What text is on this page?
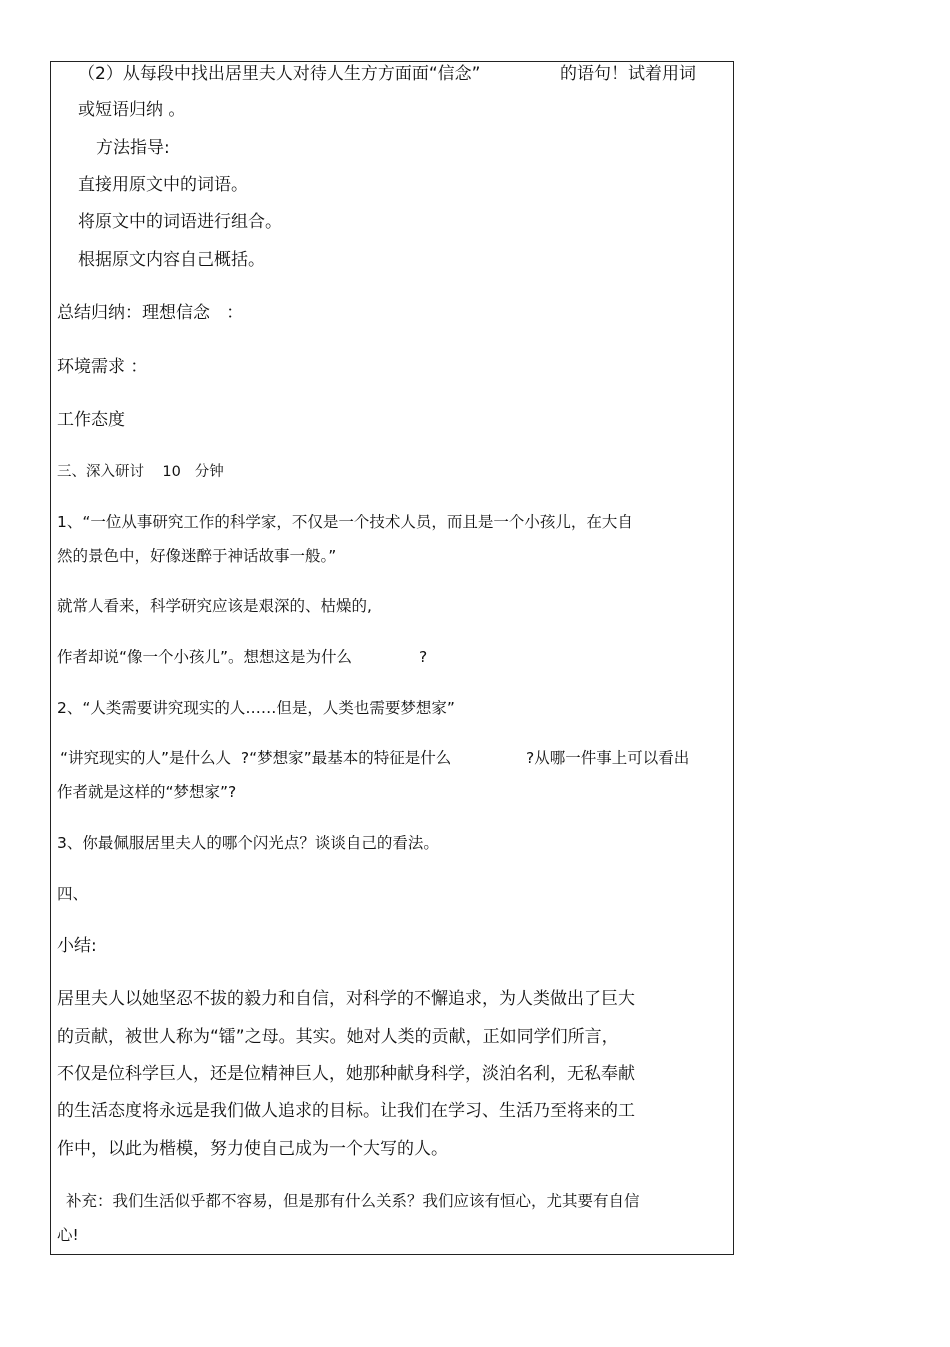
（2）从每段中找出居里夫人对待人生方方面面“信念”	的语句！试着用词
或短语归纳 。
方法指导:
直接用原文中的词语。
将原文中的词语进行组合。
根据原文内容自己概括。
总结归纳：理想信念   ：
环境需求 ：
工作态度
三、深入研讨    10   分钟
1、“一位从事研究工作的科学家，不仅是一个技术人员，而且是一个小孩儿，在大自
然的景色中，好像迷醉于神话故事一般。”
就常人看来，科学研究应该是艰深的、枯燥的,
作者却说“像一个小孩儿”。想想这是为什么	?
2、“人类需要讲究现实的人……但是，人类也需要梦想家”
“讲究现实的人”是什么人  ?“梦想家”最基本的特征是什么	?从哪一件事上可以看出
作者就是这样的“梦想家”?
3、你最佩服居里夫人的哪个闪光点？谈谈自己的看法。
四、
小结:
居里夫人以她坚忍不拔的毅力和自信，对科学的不懈追求，为人类做出了巨大
的贡献，被世人称为“镭”之母。其实。她对人类的贡献，正如同学们所言，
不仅是位科学巨人，还是位精神巨人，她那种献身科学，淡泊名利，无私奉献
的生活态度将永远是我们做人追求的目标。让我们在学习、生活乃至将来的工
作中，以此为楷模，努力使自己成为一个大写的人。
补充：我们生活似乎都不容易，但是那有什么关系？我们应该有恒心，尤其要有自信
心!
